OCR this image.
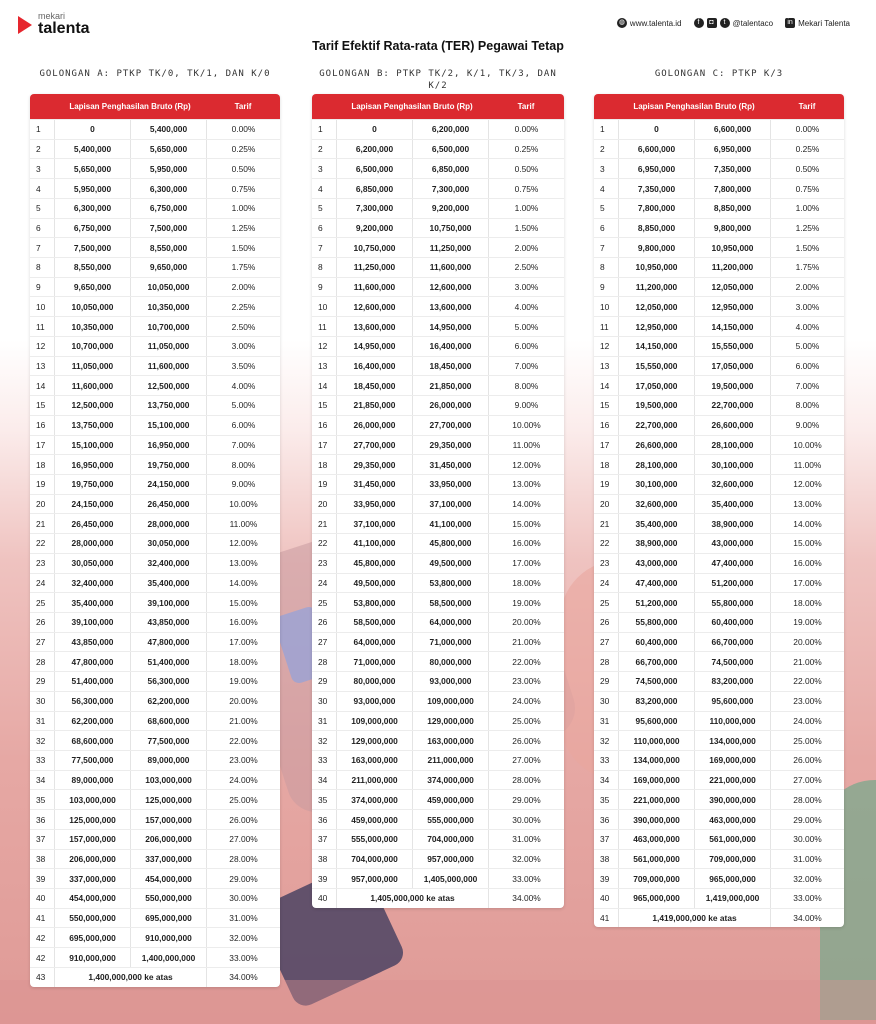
mekari
talenta	◍ www.talenta.id	f	◘	t @talentaco	in Mekari Talenta
Tarif Efektif Rata-rata (TER) Pegawai Tetap
GOLONGAN A: PTKP TK/0, TK/1, DAN K/0
Lapisan Penghasilan Bruto (Rp)	Tarif
1	0	5,400,000	0.00%
2	5,400,000	5,650,000	0.25%
3	5,650,000	5,950,000	0.50%
4	5,950,000	6,300,000	0.75%
5	6,300,000	6,750,000	1.00%
6	6,750,000	7,500,000	1.25%
7	7,500,000	8,550,000	1.50%
8	8,550,000	9,650,000	1.75%
9	9,650,000	10,050,000	2.00%
10	10,050,000	10,350,000	2.25%
11	10,350,000	10,700,000	2.50%
12	10,700,000	11,050,000	3.00%
13	11,050,000	11,600,000	3.50%
14	11,600,000	12,500,000	4.00%
15	12,500,000	13,750,000	5.00%
16	13,750,000	15,100,000	6.00%
17	15,100,000	16,950,000	7.00%
18	16,950,000	19,750,000	8.00%
19	19,750,000	24,150,000	9.00%
20	24,150,000	26,450,000	10.00%
21	26,450,000	28,000,000	11.00%
22	28,000,000	30,050,000	12.00%
23	30,050,000	32,400,000	13.00%
24	32,400,000	35,400,000	14.00%
25	35,400,000	39,100,000	15.00%
26	39,100,000	43,850,000	16.00%
27	43,850,000	47,800,000	17.00%
28	47,800,000	51,400,000	18.00%
29	51,400,000	56,300,000	19.00%
30	56,300,000	62,200,000	20.00%
31	62,200,000	68,600,000	21.00%
32	68,600,000	77,500,000	22.00%
33	77,500,000	89,000,000	23.00%
34	89,000,000	103,000,000	24.00%
35	103,000,000	125,000,000	25.00%
36	125,000,000	157,000,000	26.00%
37	157,000,000	206,000,000	27.00%
38	206,000,000	337,000,000	28.00%
39	337,000,000	454,000,000	29.00%
40	454,000,000	550,000,000	30.00%
41	550,000,000	695,000,000	31.00%
42	695,000,000	910,000,000	32.00%
42	910,000,000	1,400,000,000	33.00%
43	1,400,000,000 ke atas	34.00%
GOLONGAN B: PTKP TK/2, K/1, TK/3, DAN K/2
Lapisan Penghasilan Bruto (Rp)	Tarif
1	0	6,200,000	0.00%
2	6,200,000	6,500,000	0.25%
3	6,500,000	6,850,000	0.50%
4	6,850,000	7,300,000	0.75%
5	7,300,000	9,200,000	1.00%
6	9,200,000	10,750,000	1.50%
7	10,750,000	11,250,000	2.00%
8	11,250,000	11,600,000	2.50%
9	11,600,000	12,600,000	3.00%
10	12,600,000	13,600,000	4.00%
11	13,600,000	14,950,000	5.00%
12	14,950,000	16,400,000	6.00%
13	16,400,000	18,450,000	7.00%
14	18,450,000	21,850,000	8.00%
15	21,850,000	26,000,000	9.00%
16	26,000,000	27,700,000	10.00%
17	27,700,000	29,350,000	11.00%
18	29,350,000	31,450,000	12.00%
19	31,450,000	33,950,000	13.00%
20	33,950,000	37,100,000	14.00%
21	37,100,000	41,100,000	15.00%
22	41,100,000	45,800,000	16.00%
23	45,800,000	49,500,000	17.00%
24	49,500,000	53,800,000	18.00%
25	53,800,000	58,500,000	19.00%
26	58,500,000	64,000,000	20.00%
27	64,000,000	71,000,000	21.00%
28	71,000,000	80,000,000	22.00%
29	80,000,000	93,000,000	23.00%
30	93,000,000	109,000,000	24.00%
31	109,000,000	129,000,000	25.00%
32	129,000,000	163,000,000	26.00%
33	163,000,000	211,000,000	27.00%
34	211,000,000	374,000,000	28.00%
35	374,000,000	459,000,000	29.00%
36	459,000,000	555,000,000	30.00%
37	555,000,000	704,000,000	31.00%
38	704,000,000	957,000,000	32.00%
39	957,000,000	1,405,000,000	33.00%
40	1,405,000,000 ke atas	34.00%
GOLONGAN C: PTKP K/3
Lapisan Penghasilan Bruto (Rp)	Tarif
1	0	6,600,000	0.00%
2	6,600,000	6,950,000	0.25%
3	6,950,000	7,350,000	0.50%
4	7,350,000	7,800,000	0.75%
5	7,800,000	8,850,000	1.00%
6	8,850,000	9,800,000	1.25%
7	9,800,000	10,950,000	1.50%
8	10,950,000	11,200,000	1.75%
9	11,200,000	12,050,000	2.00%
10	12,050,000	12,950,000	3.00%
11	12,950,000	14,150,000	4.00%
12	14,150,000	15,550,000	5.00%
13	15,550,000	17,050,000	6.00%
14	17,050,000	19,500,000	7.00%
15	19,500,000	22,700,000	8.00%
16	22,700,000	26,600,000	9.00%
17	26,600,000	28,100,000	10.00%
18	28,100,000	30,100,000	11.00%
19	30,100,000	32,600,000	12.00%
20	32,600,000	35,400,000	13.00%
21	35,400,000	38,900,000	14.00%
22	38,900,000	43,000,000	15.00%
23	43,000,000	47,400,000	16.00%
24	47,400,000	51,200,000	17.00%
25	51,200,000	55,800,000	18.00%
26	55,800,000	60,400,000	19.00%
27	60,400,000	66,700,000	20.00%
28	66,700,000	74,500,000	21.00%
29	74,500,000	83,200,000	22.00%
30	83,200,000	95,600,000	23.00%
31	95,600,000	110,000,000	24.00%
32	110,000,000	134,000,000	25.00%
33	134,000,000	169,000,000	26.00%
34	169,000,000	221,000,000	27.00%
35	221,000,000	390,000,000	28.00%
36	390,000,000	463,000,000	29.00%
37	463,000,000	561,000,000	30.00%
38	561,000,000	709,000,000	31.00%
39	709,000,000	965,000,000	32.00%
40	965,000,000	1,419,000,000	33.00%
41	1,419,000,000 ke atas	34.00%
